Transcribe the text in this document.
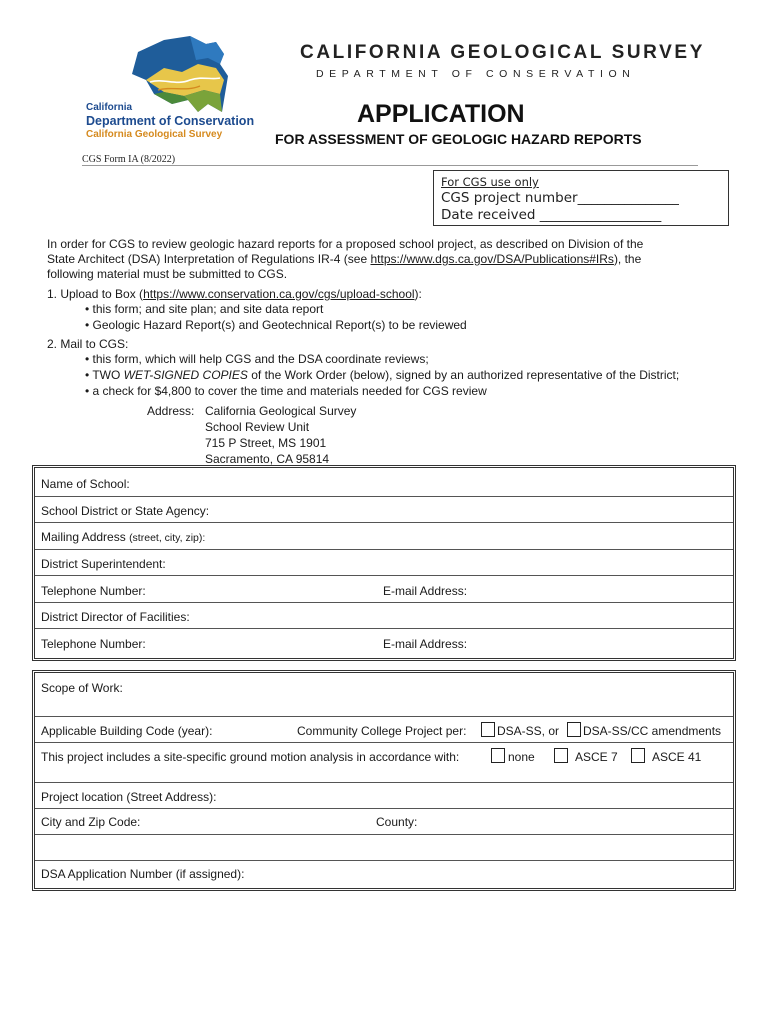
California
Department of Conservation
California Geological Survey
CALIFORNIA GEOLOGICAL SURVEY
DEPARTMENT OF CONSERVATION
APPLICATION
FOR ASSESSMENT OF GEOLOGIC HAZARD REPORTS
CGS Form IA (8/2022)
For CGS use only
CGS project number_______________
Date received __________________
In order for CGS to review geologic hazard reports for a proposed school project, as described on Division of the
State Architect (DSA) Interpretation of Regulations IR-4 (see https://www.dgs.ca.gov/DSA/Publications#IRs), the
following material must be submitted to CGS.
1. Upload to Box (https://www.conservation.ca.gov/cgs/upload-school):
• this form; and site plan; and site data report
• Geologic Hazard Report(s) and Geotechnical Report(s) to be reviewed
2. Mail to CGS:
• this form, which will help CGS and the DSA coordinate reviews;
• TWO WET-SIGNED COPIES of the Work Order (below), signed by an authorized representative of the District;
• a check for $4,800 to cover the time and materials needed for CGS review
Address: California Geological Survey
School Review Unit
715 P Street, MS 1901
Sacramento, CA 95814
Name of School:
School District or State Agency:
Mailing Address (street, city, zip):
District Superintendent:
Telephone Number:	E-mail Address:
District Director of Facilities:
Telephone Number:	E-mail Address:
Scope of Work:
Applicable Building Code (year):	Community College Project per:	DSA-SS, or DSA-SS/CC amendments
This project includes a site-specific ground motion analysis in accordance with:	none	ASCE 7	ASCE 41
Project location (Street Address):
City and Zip Code:	County:
DSA Application Number (if assigned):
